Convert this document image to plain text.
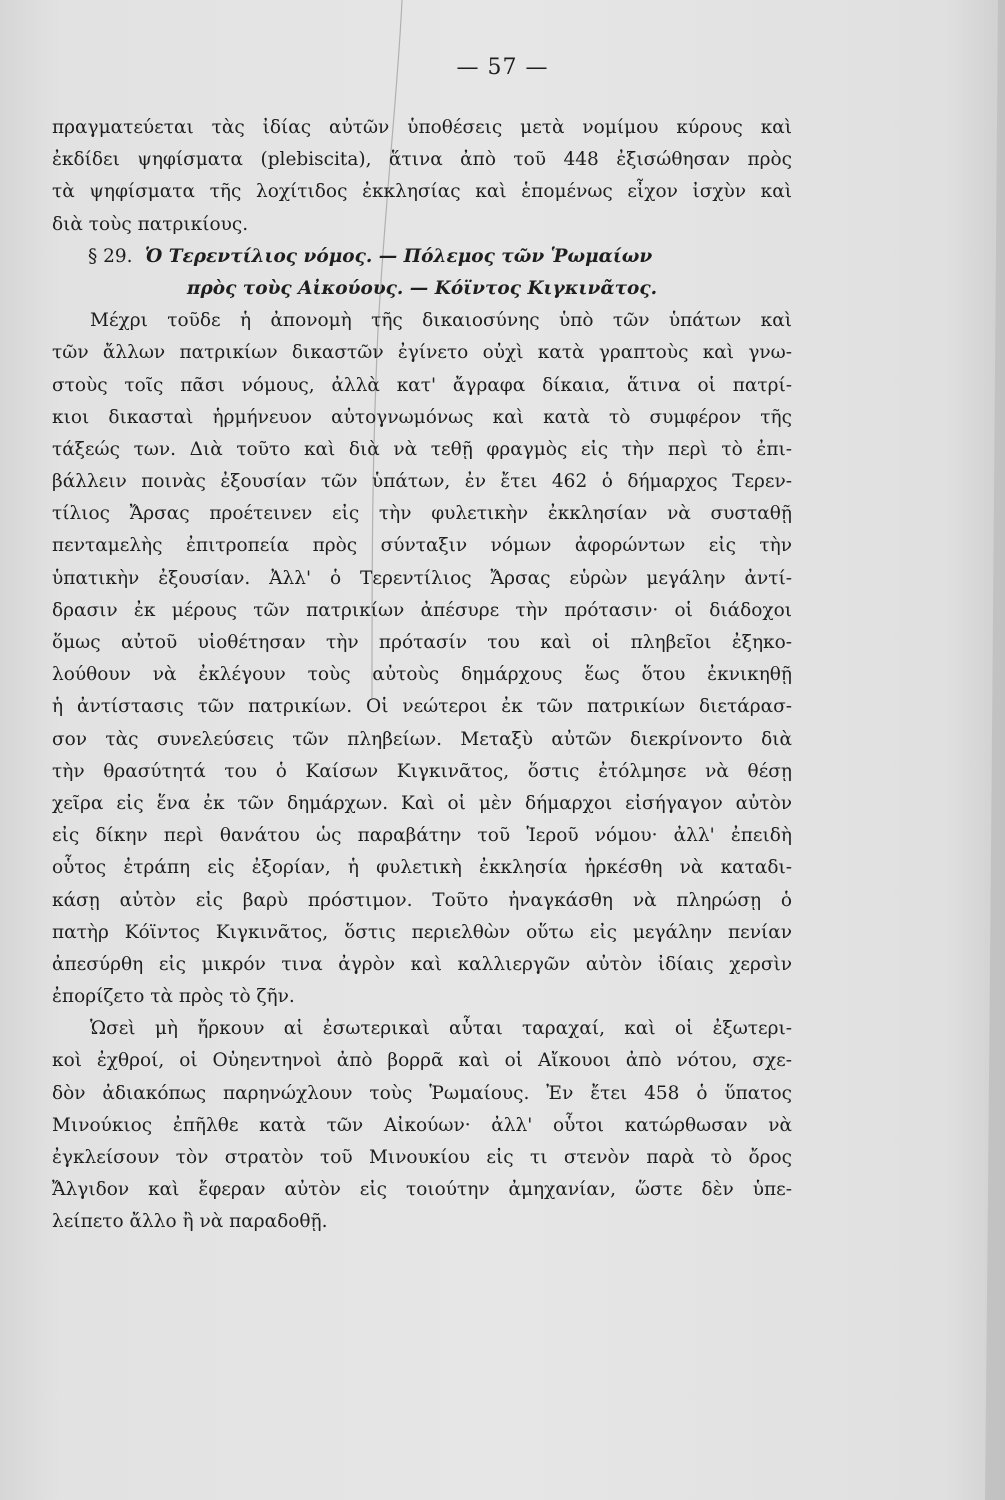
— 57 —
πραγματεύεται τὰς ἰδίας αὐτῶν ὑποθέσεις μετὰ νομίμου κύρους καὶ
ἐκδίδει ψηφίσματα (plebiscita), ἅτινα ἀπὸ τοῦ 448 ἐξισώθησαν πρὸς
τὰ ψηφίσματα τῆς λοχίτιδος ἐκκλησίας καὶ ἑπομένως εἶχον ἰσχὺν καὶ
διὰ τοὺς πατρικίους.
§ 29. Ὁ Τερεντίλιος νόμος. — Πόλεμος τῶν Ῥωμαίων
πρὸς τοὺς Αἰκούους. — Κόϊντος Κιγκινᾶτος.
Μέχρι τοῦδε ἡ ἀπονομὴ τῆς δικαιοσύνης ὑπὸ τῶν ὑπάτων καὶ
τῶν ἄλλων πατρικίων δικαστῶν ἐγίνετο οὐχὶ κατὰ γραπτοὺς καὶ γνω-
στοὺς τοῖς πᾶσι νόμους, ἀλλὰ κατ' ἄγραφα δίκαια, ἅτινα οἱ πατρί-
κιοι δικασταὶ ἡρμήνευον αὐτογνωμόνως καὶ κατὰ τὸ συμφέρον τῆς
τάξεώς των. Διὰ τοῦτο καὶ διὰ νὰ τεθῇ φραγμὸς εἰς τὴν περὶ τὸ ἐπι-
βάλλειν ποινὰς ἐξουσίαν τῶν ὑπάτων, ἐν ἔτει 462 ὁ δήμαρχος Τερεν-
τίλιος Ἄρσας προέτεινεν εἰς τὴν φυλετικὴν ἐκκλησίαν νὰ συσταθῇ
πενταμελὴς ἐπιτροπεία πρὸς σύνταξιν νόμων ἀφορώντων εἰς τὴν
ὑπατικὴν ἐξουσίαν. Ἀλλ' ὁ Τερεντίλιος Ἄρσας εὑρὼν μεγάλην ἀντί-
δρασιν ἐκ μέρους τῶν πατρικίων ἀπέσυρε τὴν πρότασιν· οἱ διάδοχοι
ὅμως αὐτοῦ υἱοθέτησαν τὴν πρότασίν του καὶ οἱ πληβεῖοι ἐξηκο-
λούθουν νὰ ἐκλέγουν τοὺς αὐτοὺς δημάρχους ἕως ὅτου ἐκνικηθῇ
ἡ ἀντίστασις τῶν πατρικίων. Οἱ νεώτεροι ἐκ τῶν πατρικίων διετάρασ-
σον τὰς συνελεύσεις τῶν πληβείων. Μεταξὺ αὐτῶν διεκρίνοντο διὰ
τὴν θρασύτητά του ὁ Καίσων Κιγκινᾶτος, ὅστις ἐτόλμησε νὰ θέσῃ
χεῖρα εἰς ἕνα ἐκ τῶν δημάρχων. Καὶ οἱ μὲν δήμαρχοι εἰσήγαγον αὐτὸν
εἰς δίκην περὶ θανάτου ὡς παραβάτην τοῦ Ἱεροῦ νόμου· ἀλλ' ἐπειδὴ
οὗτος ἐτράπη εἰς ἐξορίαν, ἡ φυλετικὴ ἐκκλησία ἠρκέσθη νὰ καταδι-
κάσῃ αὐτὸν εἰς βαρὺ πρόστιμον. Τοῦτο ἠναγκάσθη νὰ πληρώσῃ ὁ
πατὴρ Κόϊντος Κιγκινᾶτος, ὅστις περιελθὼν οὕτω εἰς μεγάλην πενίαν
ἀπεσύρθη εἰς μικρόν τινα ἀγρὸν καὶ καλλιεργῶν αὐτὸν ἰδίαις χερσὶν
ἐπορίζετο τὰ πρὸς τὸ ζῆν.
Ὡσεὶ μὴ ἤρκουν αἱ ἐσωτερικαὶ αὗται ταραχαί, καὶ οἱ ἐξωτερι-
κοὶ ἐχθροί, οἱ Οὐηεντηνοὶ ἀπὸ βορρᾶ καὶ οἱ Αἴκουοι ἀπὸ νότου, σχε-
δὸν ἀδιακόπως παρηνώχλουν τοὺς Ῥωμαίους. Ἐν ἔτει 458 ὁ ὕπατος
Μινούκιος ἐπῆλθε κατὰ τῶν Αἰκούων· ἀλλ' οὗτοι κατώρθωσαν νὰ
ἐγκλείσουν τὸν στρατὸν τοῦ Μινουκίου εἰς τι στενὸν παρὰ τὸ ὄρος
Ἄλγιδον καὶ ἔφεραν αὐτὸν εἰς τοιούτην ἀμηχανίαν, ὥστε δὲν ὑπε-
λείπετο ἄλλο ἢ νὰ παραδοθῇ.
